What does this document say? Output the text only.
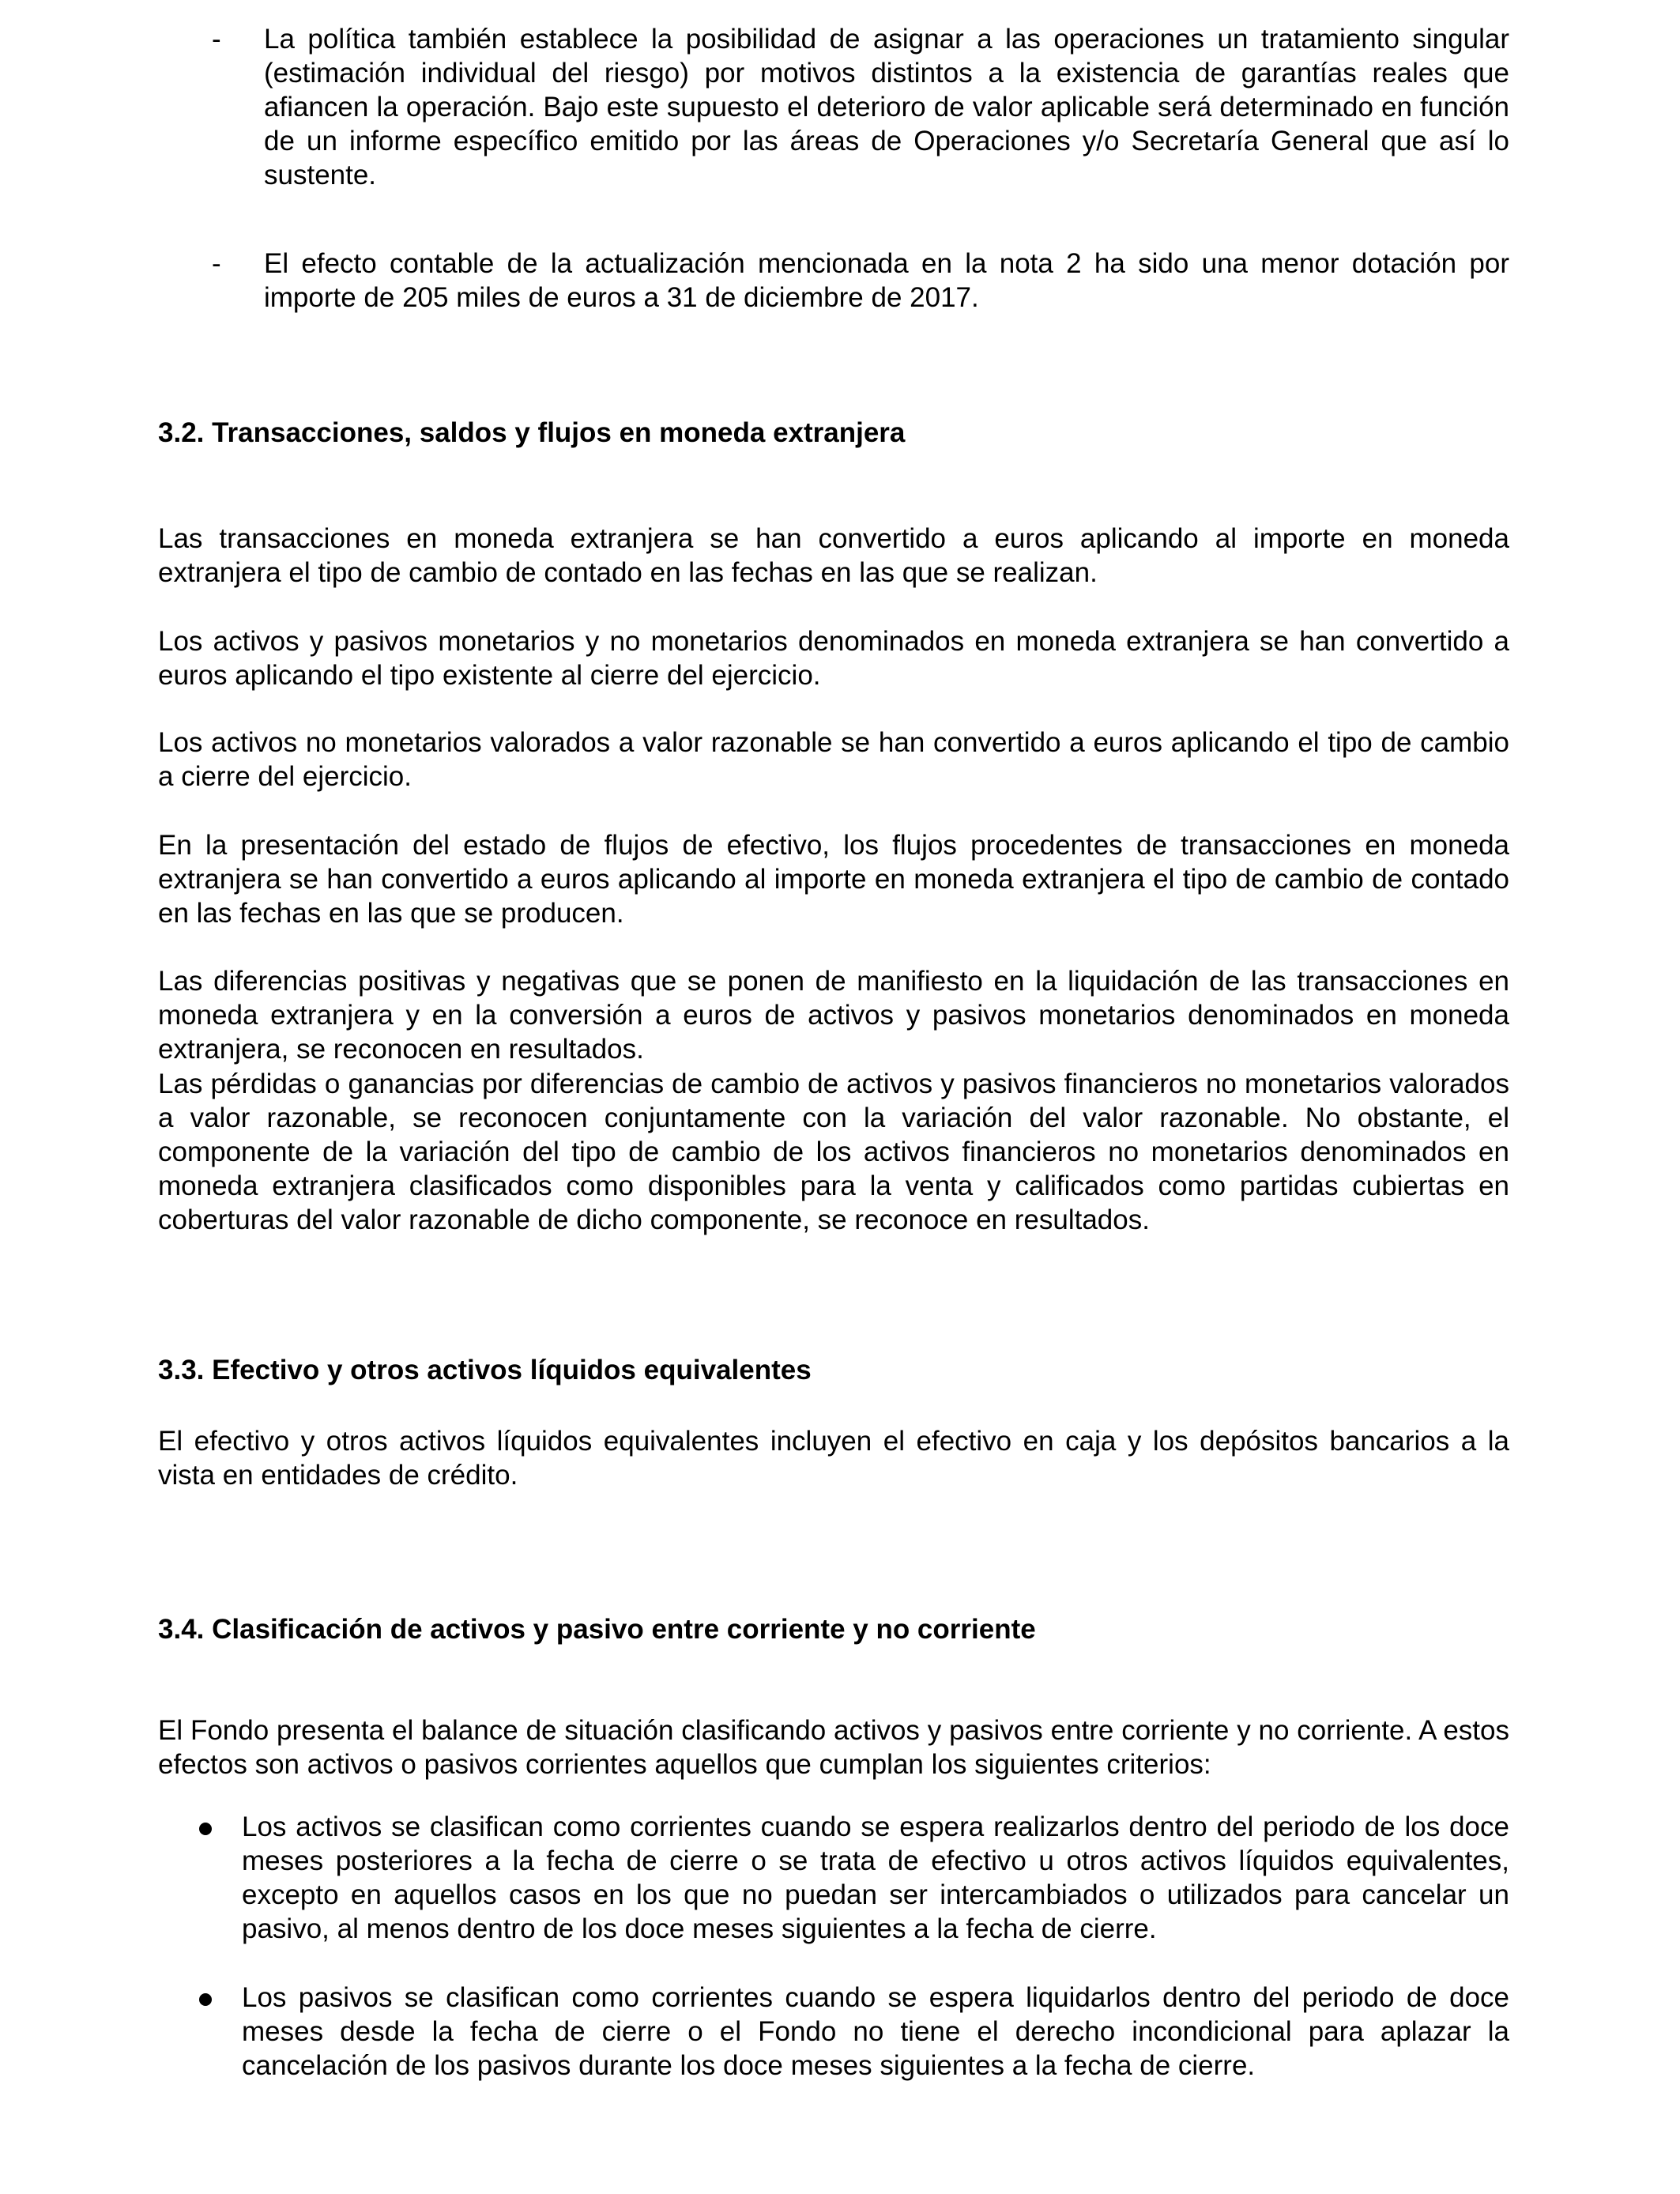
- La política también establece la posibilidad de asignar a las operaciones un tratamiento singular (estimación individual del riesgo) por motivos distintos a la existencia de garantías reales que afiancen la operación. Bajo este supuesto el deterioro de valor aplicable será determinado en función de un informe específico emitido por las áreas de Operaciones y/o Secretaría General que así lo sustente.

- El efecto contable de la actualización mencionada en la nota 2 ha sido una menor dotación por importe de 205 miles de euros a 31 de diciembre de 2017.

3.2. Transacciones, saldos y flujos en moneda extranjera

Las transacciones en moneda extranjera se han convertido a euros aplicando al importe en moneda extranjera el tipo de cambio de contado en las fechas en las que se realizan.

Los activos y pasivos monetarios y no monetarios denominados en moneda extranjera se han convertido a euros aplicando el tipo existente al cierre del ejercicio.

Los activos no monetarios valorados a valor razonable se han convertido a euros aplicando el tipo de cambio a cierre del ejercicio.

En la presentación del estado de flujos de efectivo, los flujos procedentes de transacciones en moneda extranjera se han convertido a euros aplicando al importe en moneda extranjera el tipo de cambio de contado en las fechas en las que se producen.

Las diferencias positivas y negativas que se ponen de manifiesto en la liquidación de las transacciones en moneda extranjera y en la conversión a euros de activos y pasivos monetarios denominados en moneda extranjera, se reconocen en resultados.

Las pérdidas o ganancias por diferencias de cambio de activos y pasivos financieros no monetarios valorados a valor razonable, se reconocen conjuntamente con la variación del valor razonable. No obstante, el componente de la variación del tipo de cambio de los activos financieros no monetarios denominados en moneda extranjera clasificados como disponibles para la venta y calificados como partidas cubiertas en coberturas del valor razonable de dicho componente, se reconoce en resultados.

3.3. Efectivo y otros activos líquidos equivalentes

El efectivo y otros activos líquidos equivalentes incluyen el efectivo en caja y los depósitos bancarios a la vista en entidades de crédito.

3.4. Clasificación de activos y pasivo entre corriente y no corriente

El Fondo presenta el balance de situación clasificando activos y pasivos entre corriente y no corriente. A estos efectos son activos o pasivos corrientes aquellos que cumplan los siguientes criterios:

Los activos se clasifican como corrientes cuando se espera realizarlos dentro del periodo de los doce meses posteriores a la fecha de cierre o se trata de efectivo u otros activos líquidos equivalentes, excepto en aquellos casos en los que no puedan ser intercambiados o utilizados para cancelar un pasivo, al menos dentro de los doce meses siguientes a la fecha de cierre.

Los pasivos se clasifican como corrientes cuando se espera liquidarlos dentro del periodo de doce meses desde la fecha de cierre o el Fondo no tiene el derecho incondicional para aplazar la cancelación de los pasivos durante los doce meses siguientes a la fecha de cierre.
